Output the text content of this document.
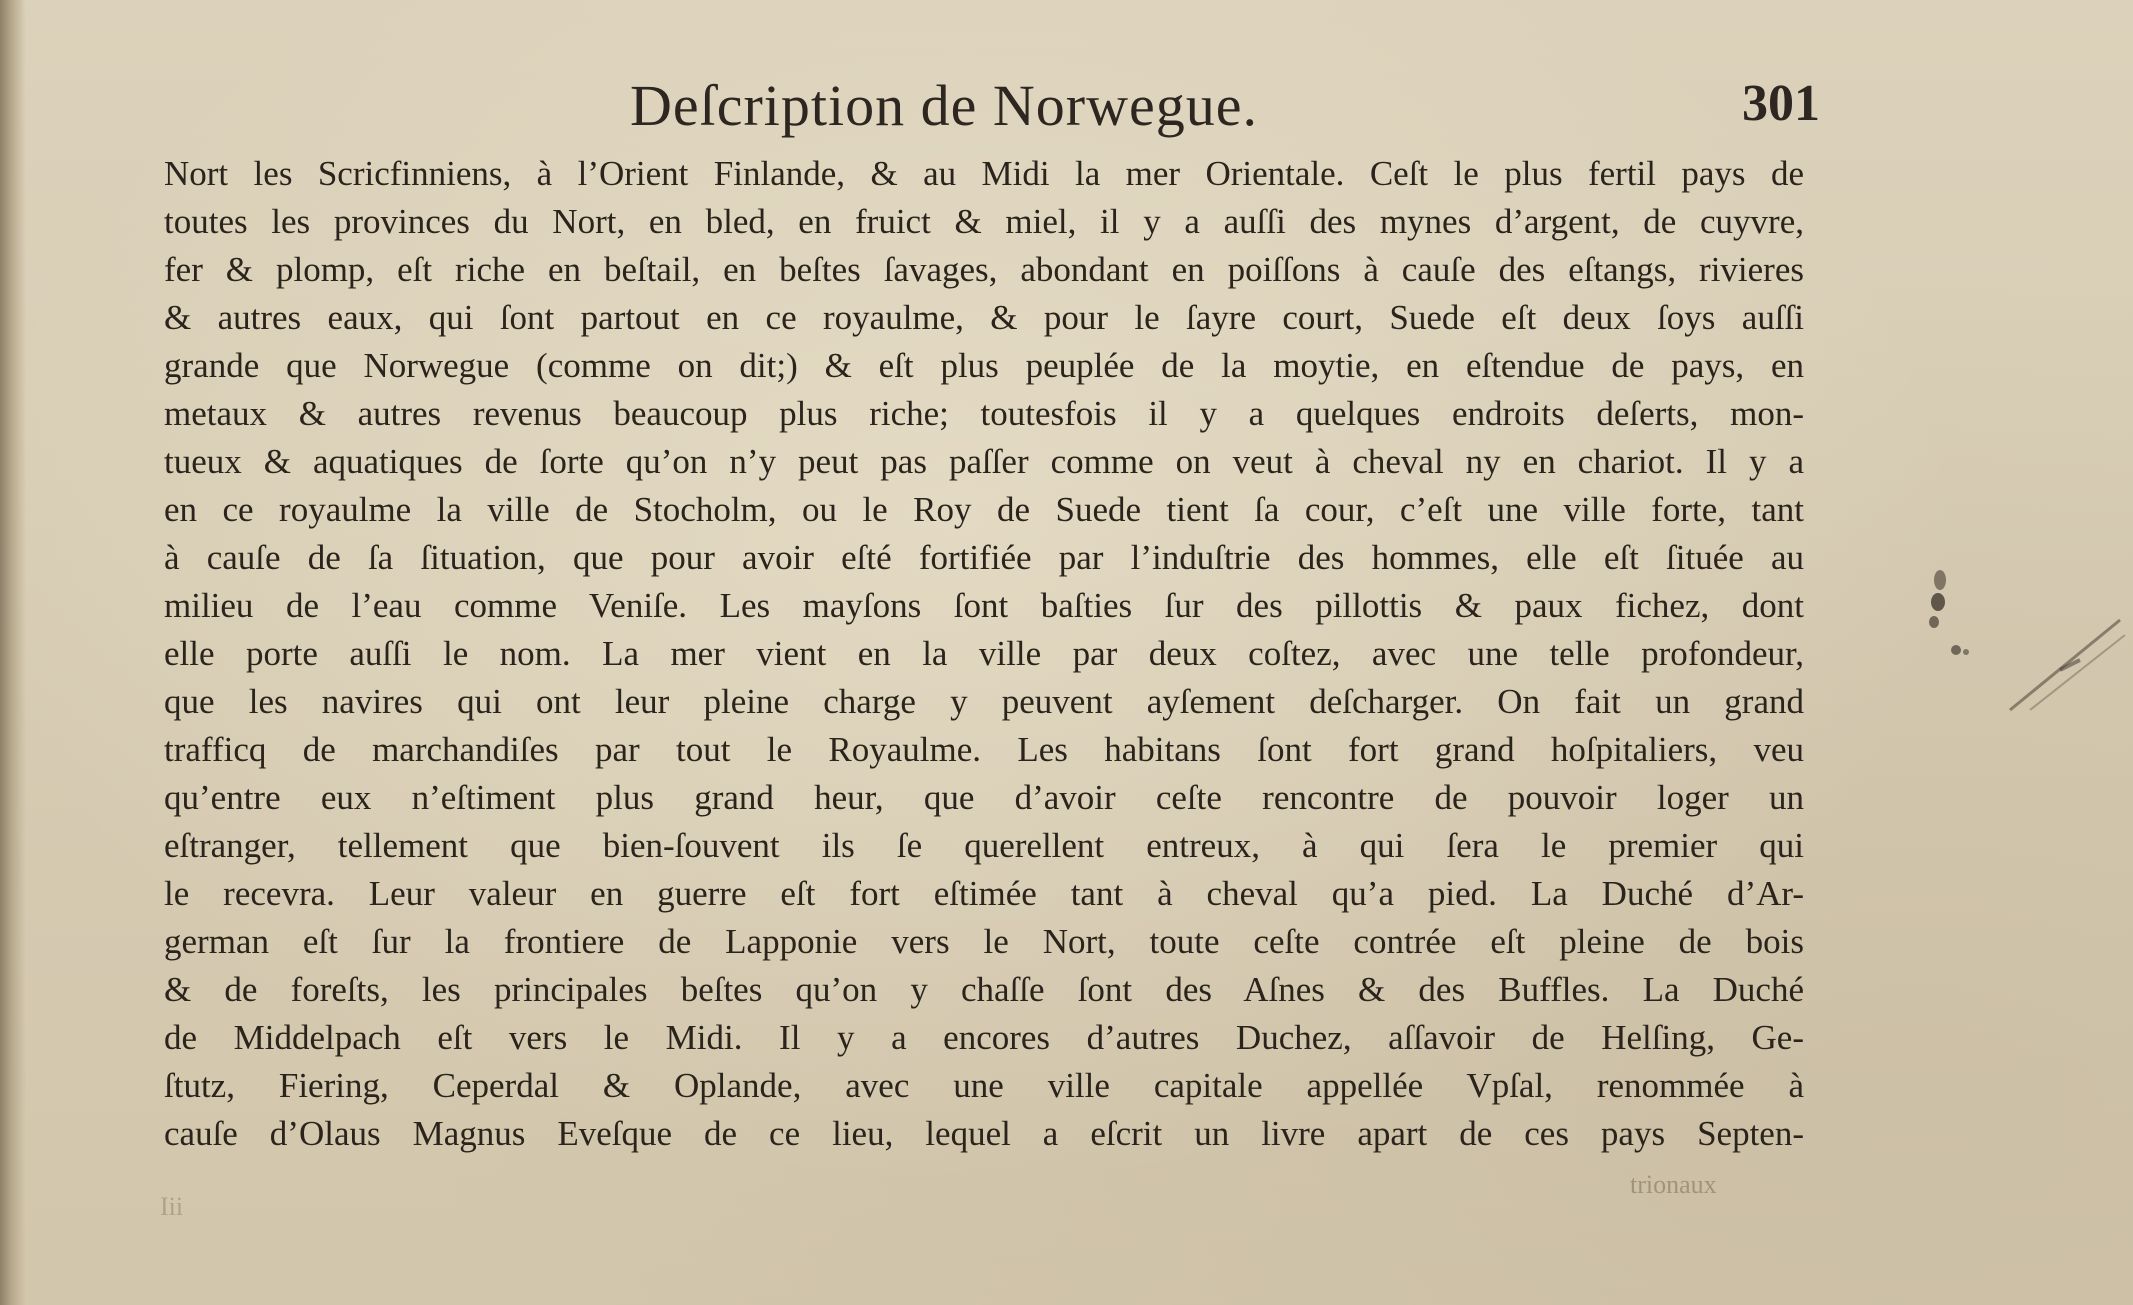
Deſcription de Norwegue.	301
Nort les Scricfinniens, à l’Orient Finlande, & au Midi la mer Orientale. Ceſt le plus fertil pays de
toutes les provinces du Nort, en bled, en fruict & miel, il y a auſſi des mynes d’argent, de cuyvre,
fer & plomp, eſt riche en beſtail, en beſtes ſavages, abondant en poiſſons à cauſe des eſtangs, rivieres
& autres eaux, qui ſont partout en ce royaulme, & pour le ſayre court, Suede eſt deux ſoys auſſi
grande que Norwegue (comme on dit;) & eſt plus peuplée de la moytie, en eſtendue de pays, en
metaux & autres revenus beaucoup plus riche; toutesfois il y a quelques endroits deſerts, mon-
tueux & aquatiques de ſorte qu’on n’y peut pas paſſer comme on veut à cheval ny en chariot. Il y a
en ce royaulme la ville de Stocholm, ou le Roy de Suede tient ſa cour, c’eſt une ville forte, tant
à cauſe de ſa ſituation, que pour avoir eſté fortifiée par l’induſtrie des hommes, elle eſt ſituée au
milieu de l’eau comme Veniſe. Les mayſons ſont baſties ſur des pillottis & paux fichez, dont
elle porte auſſi le nom. La mer vient en la ville par deux coſtez, avec une telle profondeur,
que les navires qui ont leur pleine charge y peuvent ayſement deſcharger. On fait un grand
trafficq de marchandiſes par tout le Royaulme. Les habitans ſont fort grand hoſpitaliers, veu
qu’entre eux n’eſtiment plus grand heur, que d’avoir ceſte rencontre de pouvoir loger un
eſtranger, tellement que bien-ſouvent ils ſe querellent entreux, à qui ſera le premier qui
le recevra. Leur valeur en guerre eſt fort eſtimée tant à cheval qu’a pied. La Duché d’Ar-
german eſt ſur la frontiere de Lapponie vers le Nort, toute ceſte contrée eſt pleine de bois
& de foreſts, les principales beſtes qu’on y chaſſe ſont des Aſnes & des Buffles. La Duché
de Middelpach eſt vers le Midi. Il y a encores d’autres Duchez, aſſavoir de Helſing, Ge-
ſtutz, Fiering, Ceperdal & Oplande, avec une ville capitale appellée Vpſal, renommée à
cauſe d’Olaus Magnus Eveſque de ce lieu, lequel a eſcrit un livre apart de ces pays Septen-
trionaux
Iii
